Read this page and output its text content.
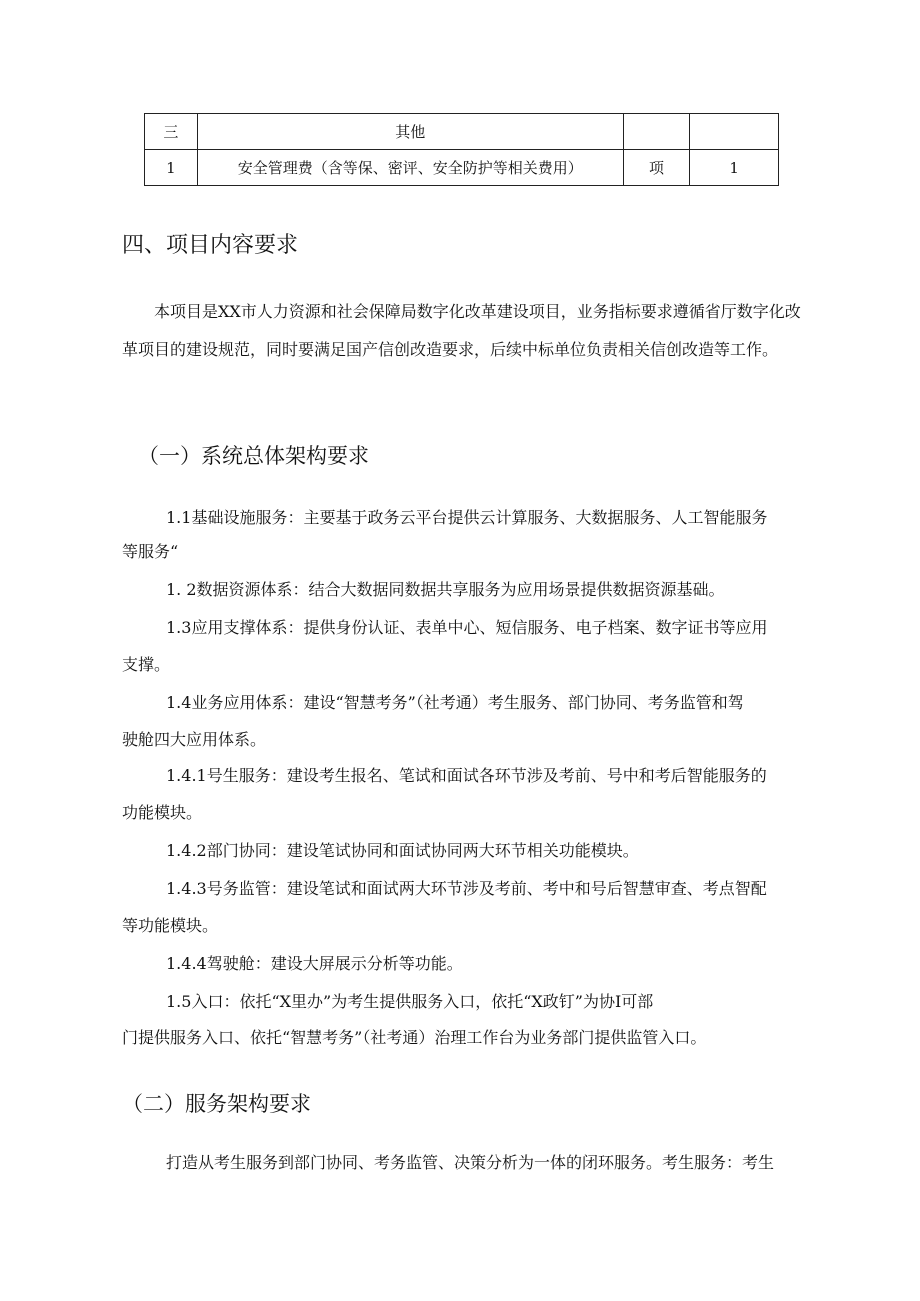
三	其他		
1	安全管理费（含等保、密评、安全防护等相关费用）	项	1
四、项目内容要求

本项目是XX市人力资源和社会保障局数字化改革建设项目，业务指标要求遵循省厅数字化改革项目的建设规范，同时要满足国产信创改造要求，后续中标单位负责相关信创改造等工作。

（一）系统总体架构要求

1.1基础设施服务：主要基于政务云平台提供云计算服务、大数据服务、人工智能服务

等服务“

1. 2数据资源体系：结合大数据同数据共享服务为应用场景提供数据资源基础。

1.3应用支撑体系：提供身份认证、表单中心、短信服务、电子档案、数字证书等应用

支撑。

1.4业务应用体系：建设“智慧考务”（社考通）考生服务、部门协同、考务监管和驾

驶舱四大应用体系。

1.4.1号生服务：建设考生报名、笔试和面试各环节涉及考前、号中和考后智能服务的

功能模块。

1.4.2部门协同：建设笔试协同和面试协同两大环节相关功能模块。

1.4.3号务监管：建设笔试和面试两大环节涉及考前、考中和号后智慧审查、考点智配

等功能模块。

1.4.4驾驶舱：建设大屏展示分析等功能。

1.5入口：依托“X里办”为考生提供服务入口，依托“X政钉”为协I可部

门提供服务入口、依托“智慧考务”（社考通）治理工作台为业务部门提供监管入口。

（二）服务架构要求

打造从考生服务到部门协同、考务监管、决策分析为一体的闭环服务。考生服务：考生
